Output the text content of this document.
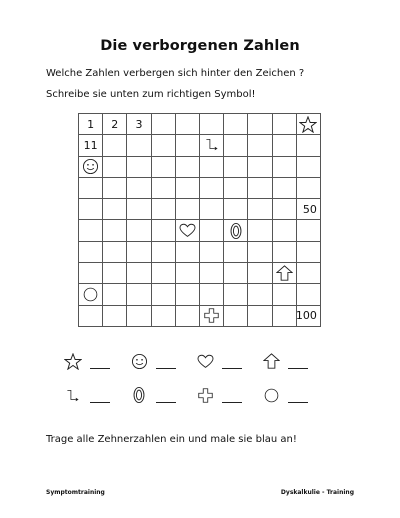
Die verborgenen Zahlen
Welche Zahlen verbergen sich hinter den Zeichen ?
Schreibe sie unten zum richtigen Symbol!
1 2 3
11
50
100
Trage alle Zehnerzahlen ein und male sie blau an!
Symptomtraining	Dyskalkulie - Training
